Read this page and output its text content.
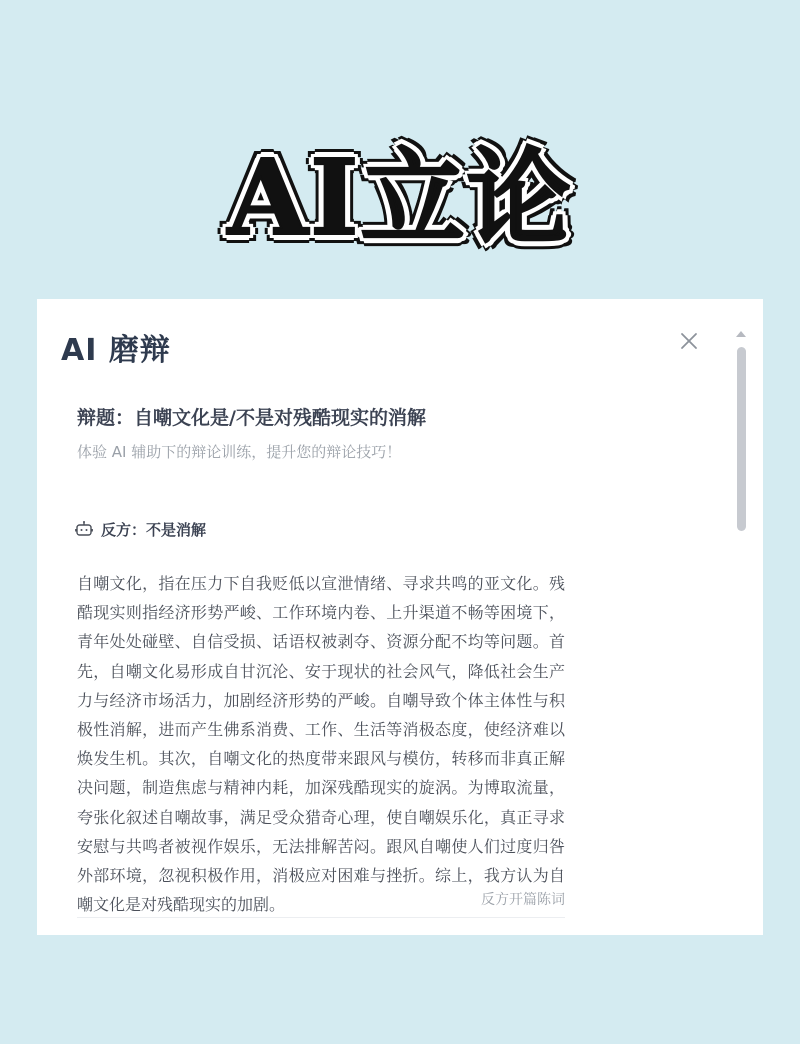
AI立论
AI 磨辩
辩题：自嘲文化是/不是对残酷现实的消解
体验 AI 辅助下的辩论训练，提升您的辩论技巧！
反方：不是消解
自嘲文化，指在压力下自我贬低以宣泄情绪、寻求共鸣的亚文化。残酷现实则指经济形势严峻、工作环境内卷、上升渠道不畅等困境下，青年处处碰壁、自信受损、话语权被剥夺、资源分配不均等问题。首先，自嘲文化易形成自甘沉沦、安于现状的社会风气，降低社会生产力与经济市场活力，加剧经济形势的严峻。自嘲导致个体主体性与积极性消解，进而产生佛系消费、工作、生活等消极态度，使经济难以焕发生机。其次，自嘲文化的热度带来跟风与模仿，转移而非真正解决问题，制造焦虑与精神内耗，加深残酷现实的旋涡。为博取流量，夸张化叙述自嘲故事，满足受众猎奇心理，使自嘲娱乐化，真正寻求安慰与共鸣者被视作娱乐，无法排解苦闷。跟风自嘲使人们过度归咎外部环境，忽视积极作用，消极应对困难与挫折。综上，我方认为自嘲文化是对残酷现实的加剧。	反方开篇陈词
